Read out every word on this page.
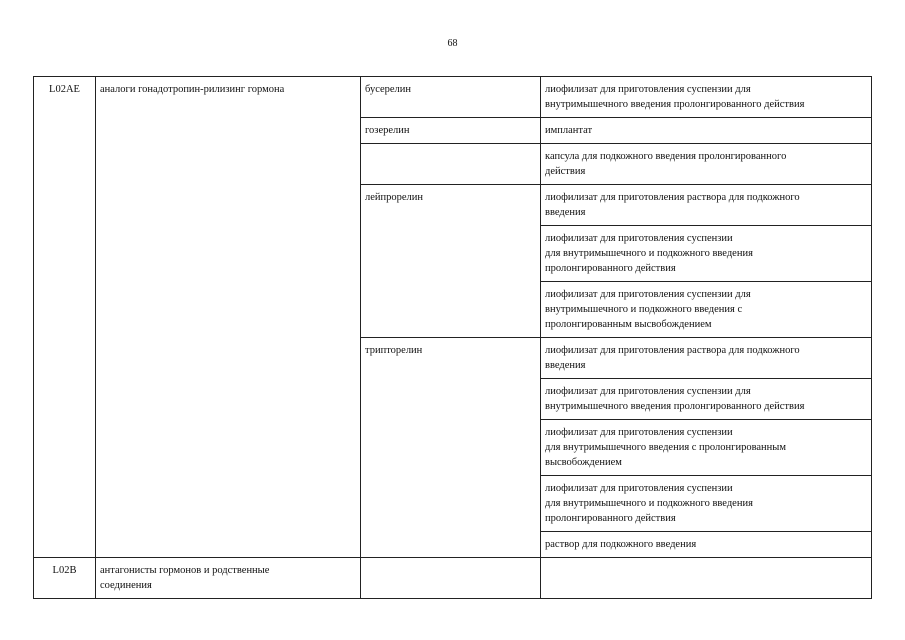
68
L02AE	аналоги гонадотропин-рилизинг гормона	бусерелин	лиофилизат для приготовления суспензии для
внутримышечного введения пролонгированного действия
		гозерелин	имплантат
			капсула для подкожного введения пролонгированного
действия
		лейпрорелин	лиофилизат для приготовления раствора для подкожного
введения
			лиофилизат для приготовления суспензии
для внутримышечного и подкожного введения
пролонгированного действия
			лиофилизат для приготовления суспензии для
внутримышечного и подкожного введения с
пролонгированным высвобождением
		трипторелин	лиофилизат для приготовления раствора для подкожного
введения
			лиофилизат для приготовления суспензии для
внутримышечного введения пролонгированного действия
			лиофилизат для приготовления суспензии
для внутримышечного введения с пролонгированным
высвобождением
			лиофилизат для приготовления суспензии
для внутримышечного и подкожного введения
пролонгированного действия
			раствор для подкожного введения
L02B	антагонисты гормонов и родственные
соединения		
